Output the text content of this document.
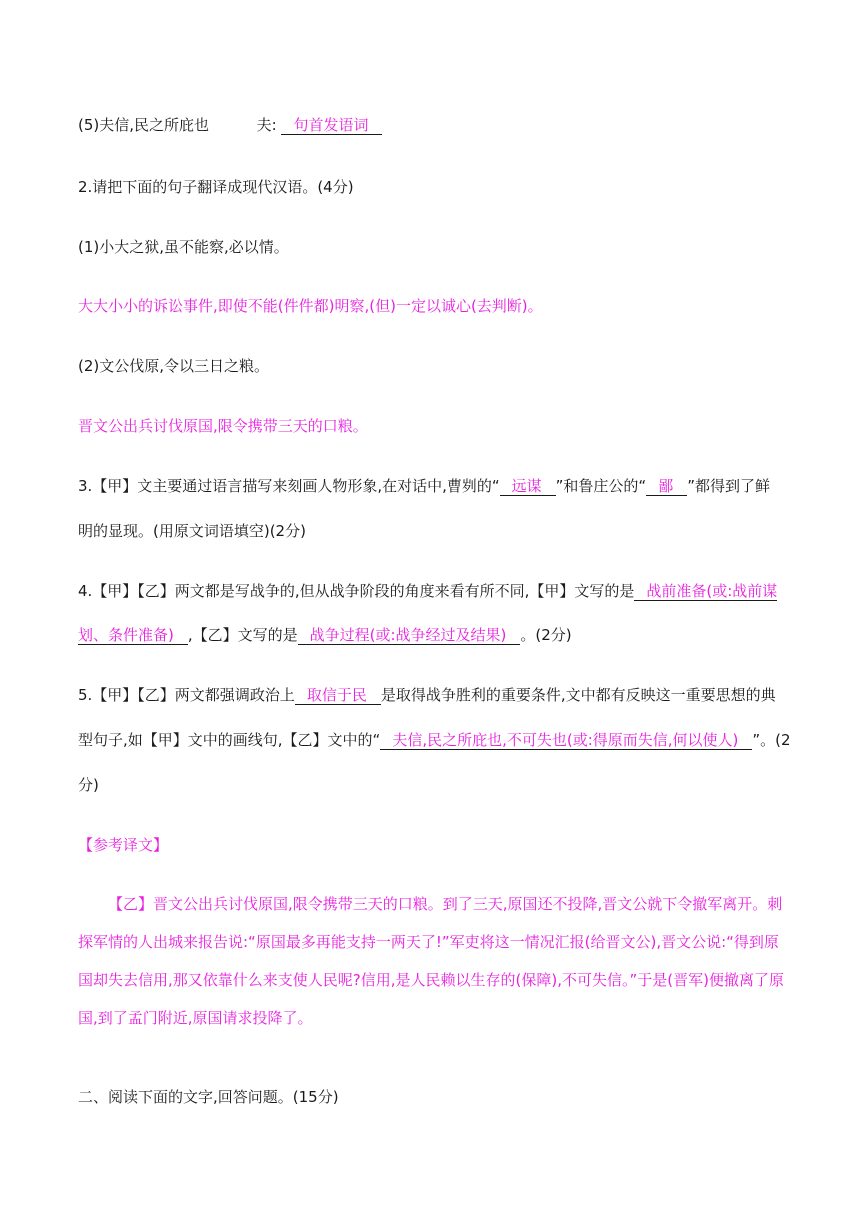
(5)夫信,民之所庇也	夫: 句首发语词
2.请把下面的句子翻译成现代汉语。(4分)
(1)小大之狱,虽不能察,必以情。
大大小小的诉讼事件,即使不能(件件都)明察,(但)一定以诚心(去判断)。
(2)文公伐原,令以三日之粮。
晋文公出兵讨伐原国,限令携带三天的口粮。
3.【甲】文主要通过语言描写来刻画人物形象,在对话中,曹刿的“ 远谋 ”和鲁庄公的“ 鄙 ”都得到了鲜
明的显现。(用原文词语填空)(2分)
4.【甲】【乙】两文都是写战争的,但从战争阶段的角度来看有所不同,【甲】文写的是 战前准备(或:战前谋
划、条件准备) ,【乙】文写的是 战争过程(或:战争经过及结果) 。(2分)
5.【甲】【乙】两文都强调政治上 取信于民 是取得战争胜利的重要条件,文中都有反映这一重要思想的典
型句子,如【甲】文中的画线句,【乙】文中的“ 夫信,民之所庇也,不可失也(或:得原而失信,何以使人) ”。(2
分)
【参考译文】
【乙】晋文公出兵讨伐原国,限令携带三天的口粮。到了三天,原国还不投降,晋文公就下令撤军离开。刺探军情的人出城来报告说:“原国最多再能支持一两天了!”军吏将这一情况汇报(给晋文公),晋文公说:“得到原国却失去信用,那又依靠什么来支使人民呢?信用,是人民赖以生存的(保障),不可失信。”于是(晋军)便撤离了原国,到了孟门附近,原国请求投降了。
二、阅读下面的文字,回答问题。(15分)
